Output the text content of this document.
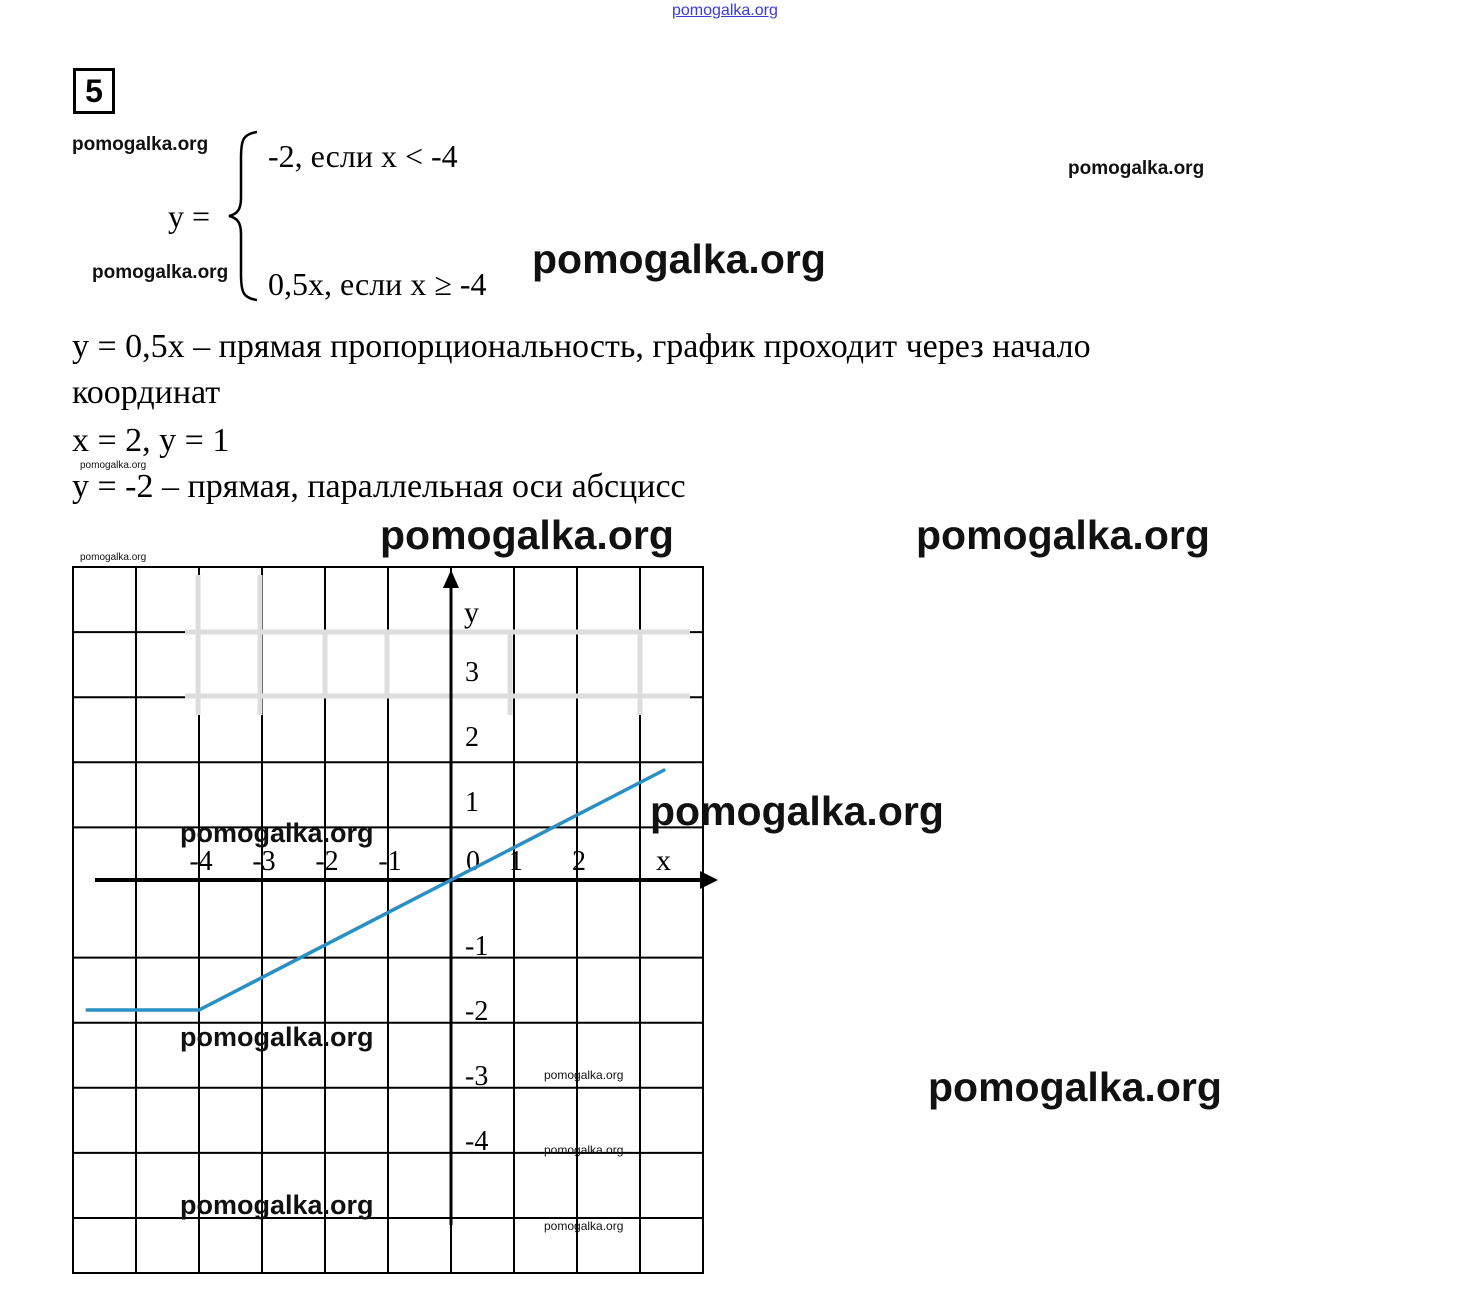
pomogalka.org
5
y =
-2, если x < -4
0,5x, если x ≥ -4
y = 0,5x – прямая пропорциональность, график проходит через начало
координат
x = 2, y = 1
y = -2 – прямая, параллельная оси абсцисс
x
y
-4 -3 -2 -1 0 1 2
3
2
1
-1
-2
-3
-4
pomogalka.org
pomogalka.org
pomogalka.org	pomogalka.org
pomogalka.org
pomogalka.org	pomogalka.org
pomogalka.org
pomogalka.org
pomogalka.org
pomogalka.org
pomogalka.org
pomogalka.org
pomogalka.org
pomogalka.org
pomogalka.org
